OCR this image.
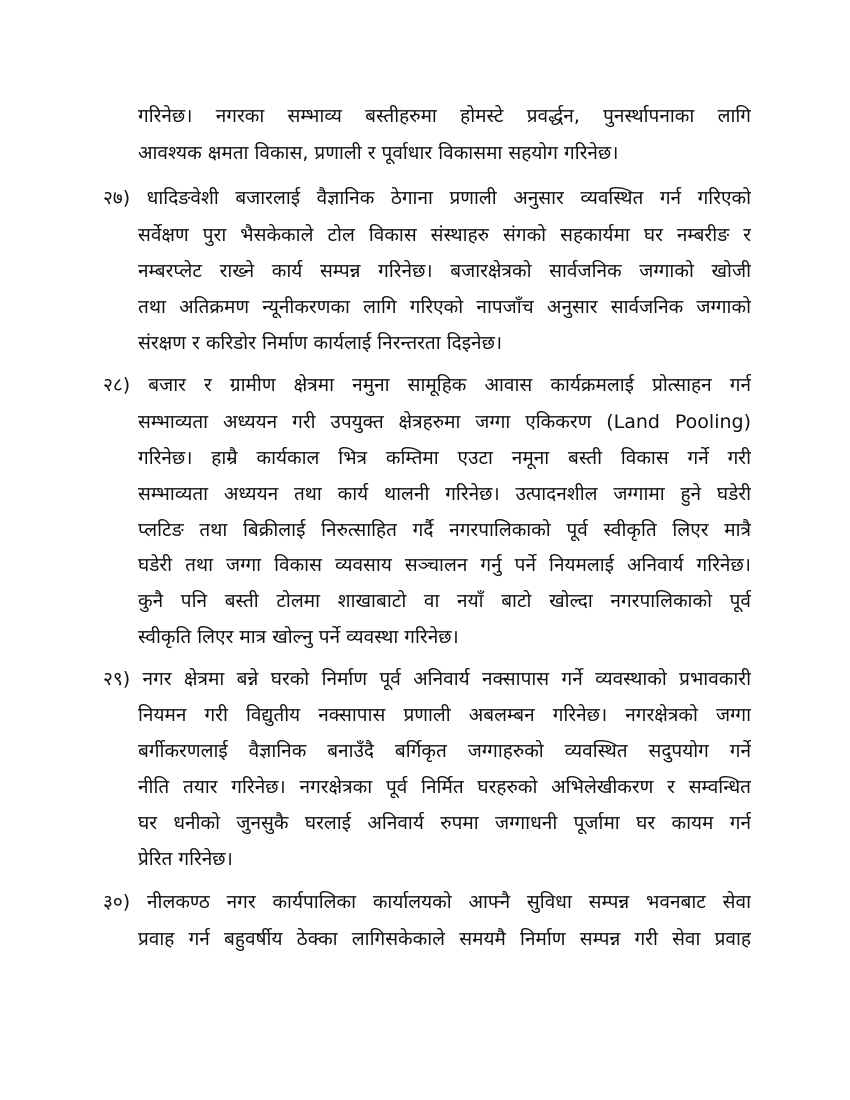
गरिनेछ। नगरका सम्भाव्य बस्तीहरुमा होमस्टे प्रवर्द्धन, पुनर्स्थापनाका लागि
आवश्यक क्षमता विकास, प्रणाली र पूर्वाधार विकासमा सहयोग गरिनेछ।
२७) धादिङवेशी बजारलाई वैज्ञानिक ठेगाना प्रणाली अनुसार व्यवस्थित गर्न गरिएको
सर्वेक्षण पुरा भैसकेकाले टोल विकास संस्थाहरु संगको सहकार्यमा घर नम्बरीङ र
नम्बरप्लेट राख्ने कार्य सम्पन्न गरिनेछ। बजारक्षेत्रको सार्वजनिक जग्गाको खोजी
तथा अतिक्रमण न्यूनीकरणका लागि गरिएको नापजाँच अनुसार सार्वजनिक जग्गाको
संरक्षण र करिडोर निर्माण कार्यलाई निरन्तरता दिइनेछ।
२८) बजार र ग्रामीण क्षेत्रमा नमुना सामूहिक आवास कार्यक्रमलाई प्रोत्साहन गर्न
सम्भाव्यता अध्ययन गरी उपयुक्त क्षेत्रहरुमा जग्गा एकिकरण (Land Pooling)
गरिनेछ। हाम्रै कार्यकाल भित्र कम्तिमा एउटा नमूना बस्ती विकास गर्ने गरी
सम्भाव्यता अध्ययन तथा कार्य थालनी गरिनेछ। उत्पादनशील जग्गामा हुने घडेरी
प्लटिङ तथा बिक्रीलाई निरुत्साहित गर्दै नगरपालिकाको पूर्व स्वीकृति लिएर मात्रै
घडेरी तथा जग्गा विकास व्यवसाय सञ्चालन गर्नु पर्ने नियमलाई अनिवार्य गरिनेछ।
कुनै पनि बस्ती टोलमा शाखाबाटो वा नयाँ बाटो खोल्दा नगरपालिकाको पूर्व
स्वीकृति लिएर मात्र खोल्नु पर्ने व्यवस्था गरिनेछ।
२९) नगर क्षेत्रमा बन्ने घरको निर्माण पूर्व अनिवार्य नक्सापास गर्ने व्यवस्थाको प्रभावकारी
नियमन गरी विद्युतीय नक्सापास प्रणाली अबलम्बन गरिनेछ। नगरक्षेत्रको जग्गा
बर्गीकरणलाई वैज्ञानिक बनाउँदै बर्गिकृत जग्गाहरुको व्यवस्थित सदुपयोग गर्ने
नीति तयार गरिनेछ। नगरक्षेत्रका पूर्व निर्मित घरहरुको अभिलेखीकरण र सम्वन्धित
घर धनीको जुनसुकै घरलाई अनिवार्य रुपमा जग्गाधनी पूर्जामा घर कायम गर्न
प्रेरित गरिनेछ।
३०) नीलकण्ठ नगर कार्यपालिका कार्यालयको आफ्नै सुविधा सम्पन्न भवनबाट सेवा
प्रवाह गर्न बहुवर्षीय ठेक्का लागिसकेकाले समयमै निर्माण सम्पन्न गरी सेवा प्रवाह
